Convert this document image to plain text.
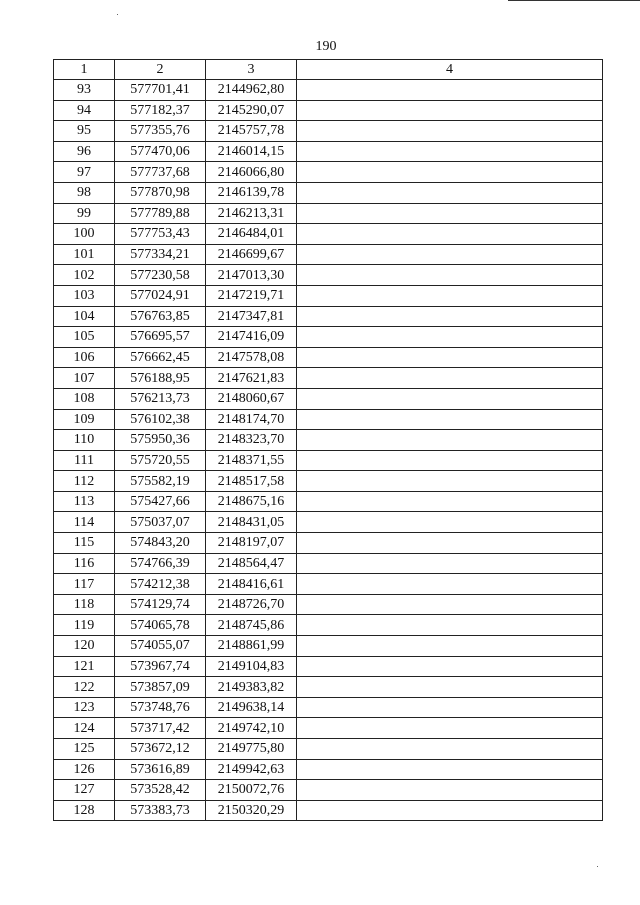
190
1	2	3	4
93	577701,41	2144962,80	
94	577182,37	2145290,07	
95	577355,76	2145757,78	
96	577470,06	2146014,15	
97	577737,68	2146066,80	
98	577870,98	2146139,78	
99	577789,88	2146213,31	
100	577753,43	2146484,01	
101	577334,21	2146699,67	
102	577230,58	2147013,30	
103	577024,91	2147219,71	
104	576763,85	2147347,81	
105	576695,57	2147416,09	
106	576662,45	2147578,08	
107	576188,95	2147621,83	
108	576213,73	2148060,67	
109	576102,38	2148174,70	
110	575950,36	2148323,70	
111	575720,55	2148371,55	
112	575582,19	2148517,58	
113	575427,66	2148675,16	
114	575037,07	2148431,05	
115	574843,20	2148197,07	
116	574766,39	2148564,47	
117	574212,38	2148416,61	
118	574129,74	2148726,70	
119	574065,78	2148745,86	
120	574055,07	2148861,99	
121	573967,74	2149104,83	
122	573857,09	2149383,82	
123	573748,76	2149638,14	
124	573717,42	2149742,10	
125	573672,12	2149775,80	
126	573616,89	2149942,63	
127	573528,42	2150072,76	
128	573383,73	2150320,29	
